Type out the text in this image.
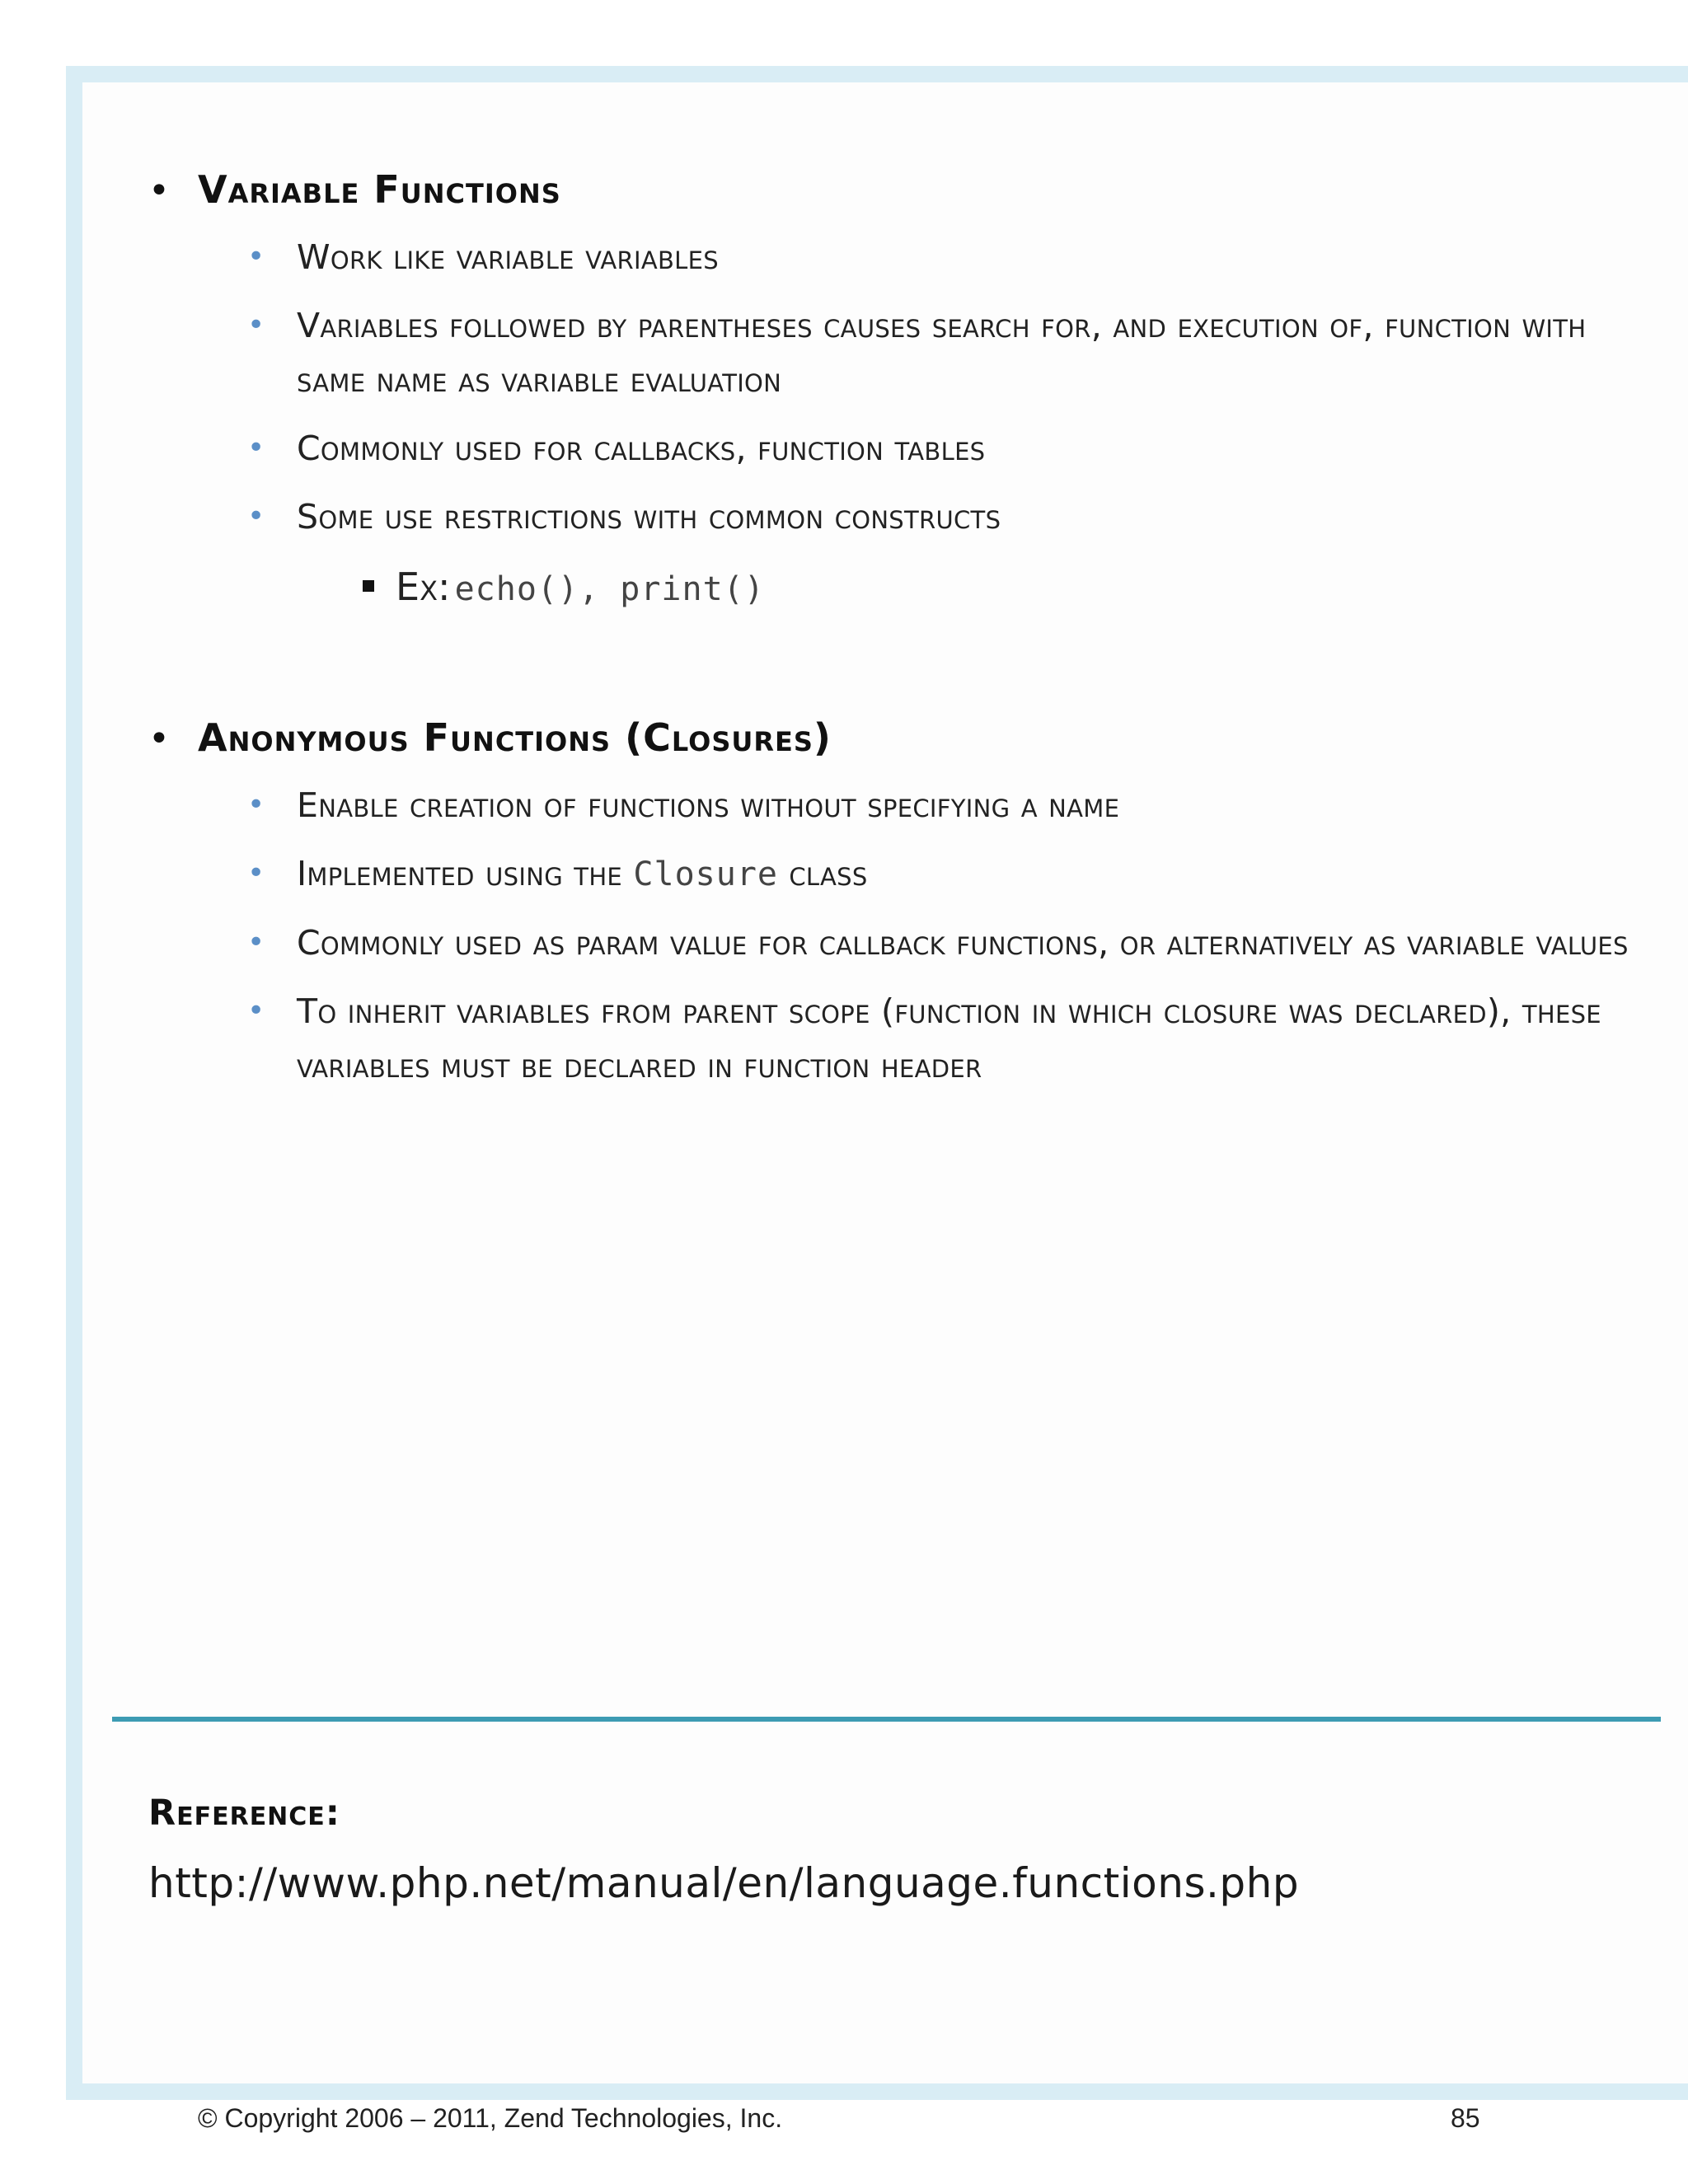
• Variable Functions
• Work like variable variables
• Variables followed by parentheses causes search for, and execution of, function with same name as variable evaluation
• Commonly used for callbacks, function tables
• Some use restrictions with common constructs
Ex: echo(), print()
• Anonymous Functions (Closures)
• Enable creation of functions without specifying a name
• Implemented using the Closure class
• Commonly used as param value for callback functions, or alternatively as variable values
• To inherit variables from parent scope (function in which closure was declared), these variables must be declared in function header
Reference:
http://www.php.net/manual/en/language.functions.php
© Copyright 2006 – 2011, Zend Technologies, Inc.	85
